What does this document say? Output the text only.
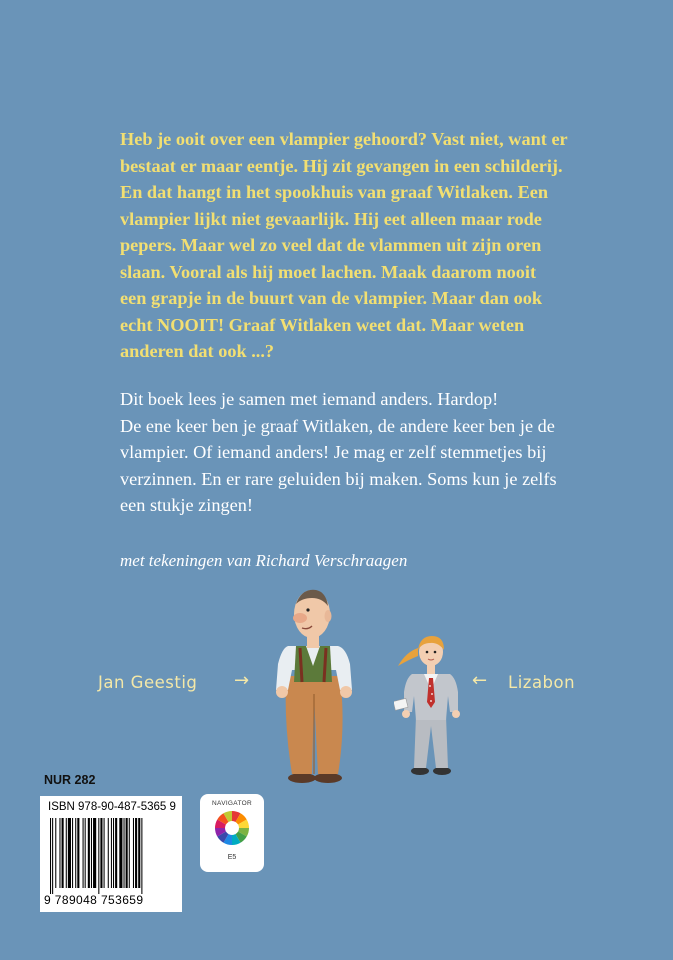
Heb je ooit over een vlampier gehoord? Vast niet, want er
bestaat er maar eentje. Hij zit gevangen in een schilderij.
En dat hangt in het spookhuis van graaf Witlaken. Een
vlampier lijkt niet gevaarlijk. Hij eet alleen maar rode
pepers. Maar wel zo veel dat de vlammen uit zijn oren
slaan. Vooral als hij moet lachen. Maak daarom nooit
een grapje in de buurt van de vlampier. Maar dan ook
echt NOOIT! Graaf Witlaken weet dat. Maar weten
anderen dat ook ...?
Dit boek lees je samen met iemand anders. Hardop!
De ene keer ben je graaf Witlaken, de andere keer ben je de
vlampier. Of iemand anders! Je mag er zelf stemmetjes bij
verzinnen. En er rare geluiden bij maken. Soms kun je zelfs
een stukje zingen!
met tekeningen van Richard Verschraagen
Jan Geestig →	← Lizabon
NUR 282
ISBN 978-90-487-5365 9
9 789048 753659
NAVIGATOR
E5
